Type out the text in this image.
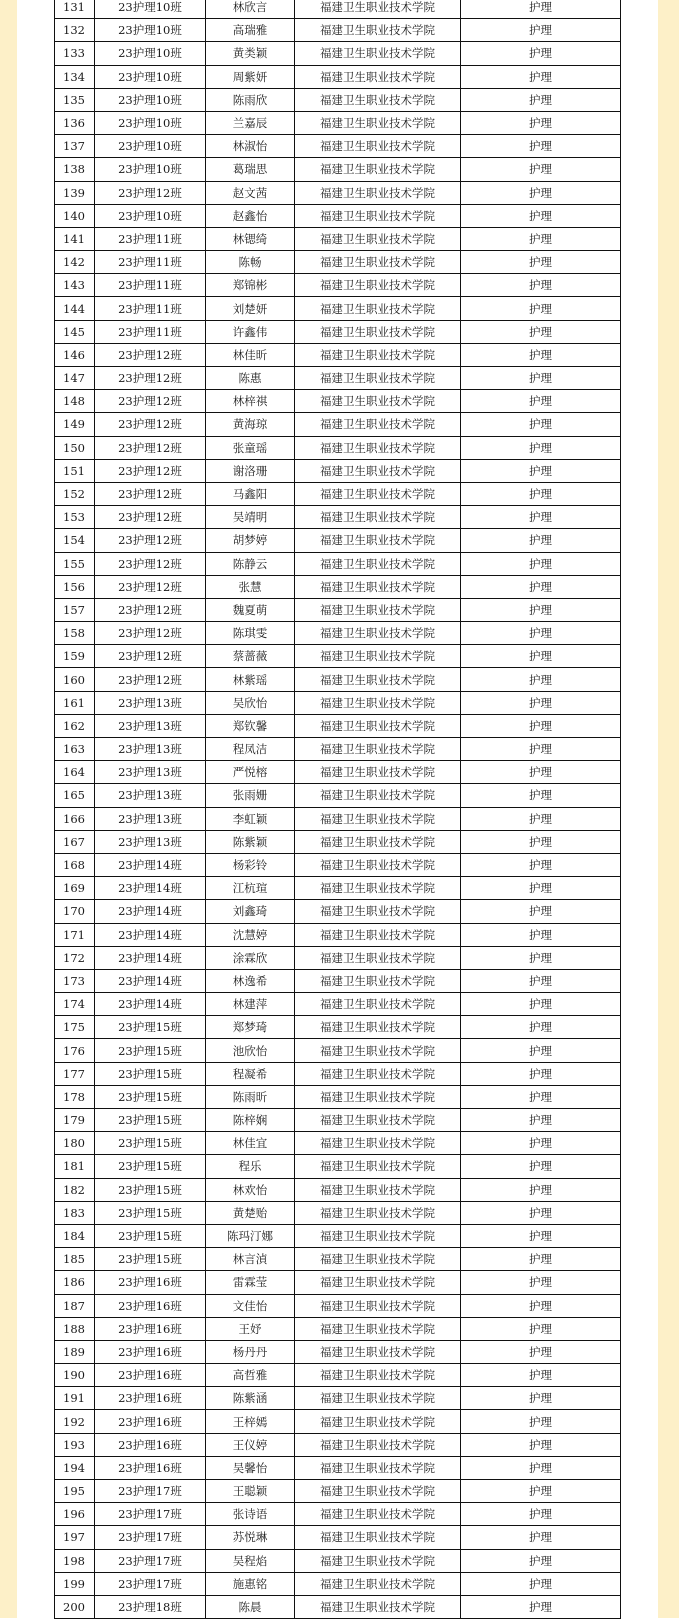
131	23护理10班	林欣言	福建卫生职业技术学院	护理
132	23护理10班	高瑞雅	福建卫生职业技术学院	护理
133	23护理10班	黄类颖	福建卫生职业技术学院	护理
134	23护理10班	周紫妍	福建卫生职业技术学院	护理
135	23护理10班	陈雨欣	福建卫生职业技术学院	护理
136	23护理10班	兰嘉辰	福建卫生职业技术学院	护理
137	23护理10班	林淑怡	福建卫生职业技术学院	护理
138	23护理10班	葛瑞思	福建卫生职业技术学院	护理
139	23护理12班	赵文茜	福建卫生职业技术学院	护理
140	23护理10班	赵鑫怡	福建卫生职业技术学院	护理
141	23护理11班	林锶绮	福建卫生职业技术学院	护理
142	23护理11班	陈畅	福建卫生职业技术学院	护理
143	23护理11班	郑锦彬	福建卫生职业技术学院	护理
144	23护理11班	刘楚妍	福建卫生职业技术学院	护理
145	23护理11班	许鑫伟	福建卫生职业技术学院	护理
146	23护理12班	林佳昕	福建卫生职业技术学院	护理
147	23护理12班	陈惠	福建卫生职业技术学院	护理
148	23护理12班	林梓祺	福建卫生职业技术学院	护理
149	23护理12班	黄海琼	福建卫生职业技术学院	护理
150	23护理12班	张童瑶	福建卫生职业技术学院	护理
151	23护理12班	谢洛珊	福建卫生职业技术学院	护理
152	23护理12班	马鑫阳	福建卫生职业技术学院	护理
153	23护理12班	吴靖明	福建卫生职业技术学院	护理
154	23护理12班	胡梦婷	福建卫生职业技术学院	护理
155	23护理12班	陈静云	福建卫生职业技术学院	护理
156	23护理12班	张慧	福建卫生职业技术学院	护理
157	23护理12班	魏夏萌	福建卫生职业技术学院	护理
158	23护理12班	陈琪雯	福建卫生职业技术学院	护理
159	23护理12班	蔡蔷薇	福建卫生职业技术学院	护理
160	23护理12班	林紫瑶	福建卫生职业技术学院	护理
161	23护理13班	吴欣怡	福建卫生职业技术学院	护理
162	23护理13班	郑钦馨	福建卫生职业技术学院	护理
163	23护理13班	程凤洁	福建卫生职业技术学院	护理
164	23护理13班	严悦榕	福建卫生职业技术学院	护理
165	23护理13班	张雨姗	福建卫生职业技术学院	护理
166	23护理13班	李虹颖	福建卫生职业技术学院	护理
167	23护理13班	陈紫颖	福建卫生职业技术学院	护理
168	23护理14班	杨彩铃	福建卫生职业技术学院	护理
169	23护理14班	江杭瑄	福建卫生职业技术学院	护理
170	23护理14班	刘鑫琦	福建卫生职业技术学院	护理
171	23护理14班	沈慧婷	福建卫生职业技术学院	护理
172	23护理14班	涂霖欣	福建卫生职业技术学院	护理
173	23护理14班	林逸希	福建卫生职业技术学院	护理
174	23护理14班	林建萍	福建卫生职业技术学院	护理
175	23护理15班	郑梦琦	福建卫生职业技术学院	护理
176	23护理15班	池欣怡	福建卫生职业技术学院	护理
177	23护理15班	程凝希	福建卫生职业技术学院	护理
178	23护理15班	陈雨昕	福建卫生职业技术学院	护理
179	23护理15班	陈梓娴	福建卫生职业技术学院	护理
180	23护理15班	林佳宜	福建卫生职业技术学院	护理
181	23护理15班	程乐	福建卫生职业技术学院	护理
182	23护理15班	林欢怡	福建卫生职业技术学院	护理
183	23护理15班	黄楚贻	福建卫生职业技术学院	护理
184	23护理15班	陈玛汀娜	福建卫生职业技术学院	护理
185	23护理15班	林言湞	福建卫生职业技术学院	护理
186	23护理16班	雷霖莹	福建卫生职业技术学院	护理
187	23护理16班	文佳怡	福建卫生职业技术学院	护理
188	23护理16班	王妤	福建卫生职业技术学院	护理
189	23护理16班	杨丹丹	福建卫生职业技术学院	护理
190	23护理16班	高哲雅	福建卫生职业技术学院	护理
191	23护理16班	陈紫涵	福建卫生职业技术学院	护理
192	23护理16班	王梓嫣	福建卫生职业技术学院	护理
193	23护理16班	王仪婷	福建卫生职业技术学院	护理
194	23护理16班	吴馨怡	福建卫生职业技术学院	护理
195	23护理17班	王聪颖	福建卫生职业技术学院	护理
196	23护理17班	张诗语	福建卫生职业技术学院	护理
197	23护理17班	苏悦琳	福建卫生职业技术学院	护理
198	23护理17班	吴程焰	福建卫生职业技术学院	护理
199	23护理17班	施惠铭	福建卫生职业技术学院	护理
200	23护理18班	陈晨	福建卫生职业技术学院	护理
